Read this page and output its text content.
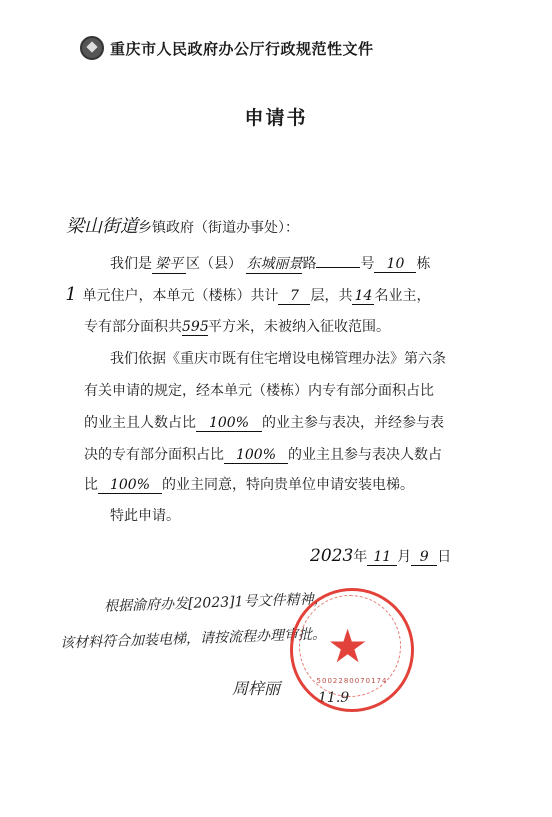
重庆市人民政府办公厅行政规范性文件
申请书
梁山街道乡镇政府（街道办事处）：
我们是 梁平 区（县） 东城丽景路	号 10 栋
1 单元住户，本单元（楼栋）共计 7 层，共 14 名业主，
专有部分面积共595平方米，未被纳入征收范围。
我们依据《重庆市既有住宅增设电梯管理办法》第六条
有关申请的规定，经本单元（楼栋）内专有部分面积占比
的业主且人数占比 100% 的业主参与表决，并经参与表
决的专有部分面积占比 100% 的业主且参与表决人数占
比 100% 的业主同意，特向贵单位申请安装电梯。
特此申请。
2023年 11 月 9 日
根据渝府办发[2023]1号文件精神，
该材料符合加装电梯，请按流程办理审批。
周梓丽	11.9
★
5002280070174
